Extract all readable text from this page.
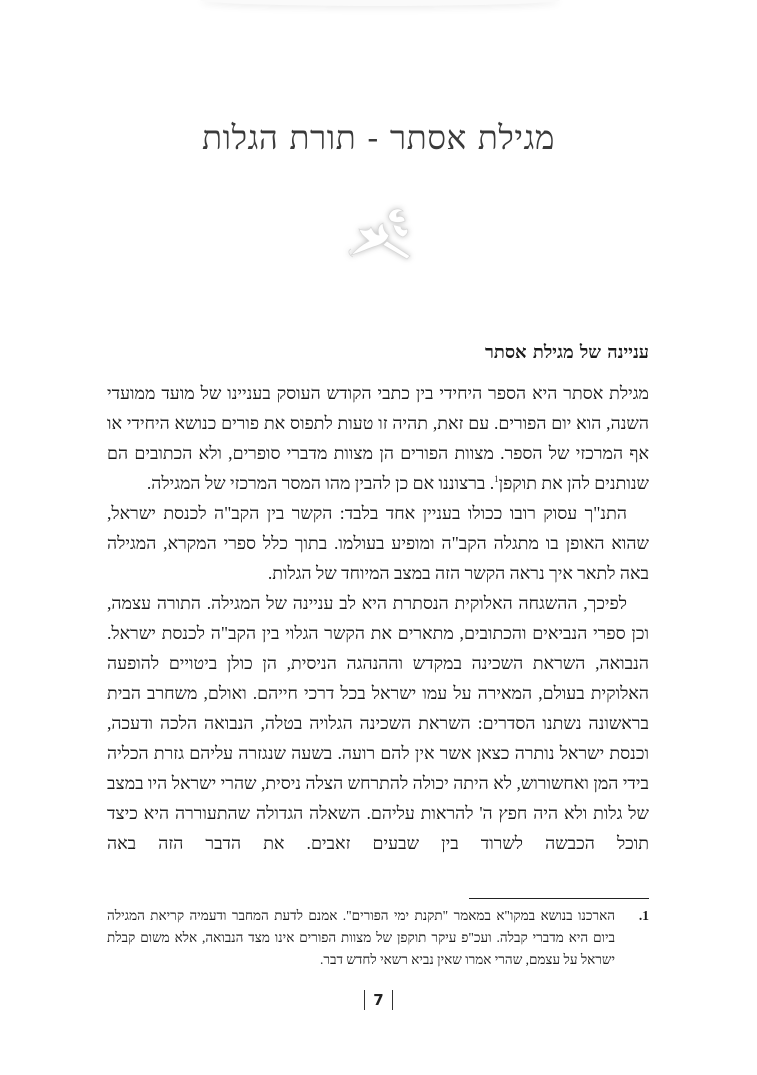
מגילת אסתר - תורת הגלות
עניינה של מגילת אסתר

מגילת אסתר היא הספר היחידי בין כתבי הקודש העוסק בעניינו של מועד ממועדי השנה, הוא יום הפורים. עם זאת, תהיה זו טעות לתפוס את פורים כנושא היחידי או אף המרכזי של הספר. מצוות הפורים הן מצוות מדברי סופרים, ולא הכתובים הם שנותנים להן את תוקפן$^1$. ברצוננו אם כן להבין מהו המסר המרכזי של המגילה.

התנ"ך עסוק רובו ככולו בעניין אחד בלבד: הקשר בין הקב"ה לכנסת ישראל, שהוא האופן בו מתגלה הקב"ה ומופיע בעולמו. בתוך כלל ספרי המקרא, המגילה באה לתאר איך נראה הקשר הזה במצב המיוחד של הגלות.

לפיכך, ההשגחה האלוקית הנסתרת היא לב עניינה של המגילה. התורה עצמה, וכן ספרי הנביאים והכתובים, מתארים את הקשר הגלוי בין הקב"ה לכנסת ישראל. הנבואה, השראת השכינה במקדש וההנהגה הניסית, הן כולן ביטויים להופעה האלוקית בעולם, המאירה על עמו ישראל בכל דרכי חייהם. ואולם, משחרב הבית בראשונה נשתנו הסדרים: השראת השכינה הגלויה בטלה, הנבואה הלכה ודעכה, וכנסת ישראל נותרה כצאן אשר אין להם רועה. בשעה שנגזרה עליהם גזרת הכליה בידי המן ואחשורוש, לא היתה יכולה להתרחש הצלה ניסית, שהרי ישראל היו במצב של גלות ולא היה חפץ ה' להראות עליהם. השאלה הגדולה שהתעוררה היא כיצד תוכל הכבשה לשרוד בין שבעים זאבים. את הדבר הזה באה

1.
הארכנו בנושא במקו"א במאמר "תקנת ימי הפורים". אמנם לדעת המחבר ודעמיה קריאת המגילה ביום היא מדברי קבלה. ועכ"פ עיקר תוקפן של מצוות הפורים אינו מצד הנבואה, אלא משום קבלת ישראל על עצמם, שהרי אמרו שאין נביא רשאי לחדש דבר.
7
